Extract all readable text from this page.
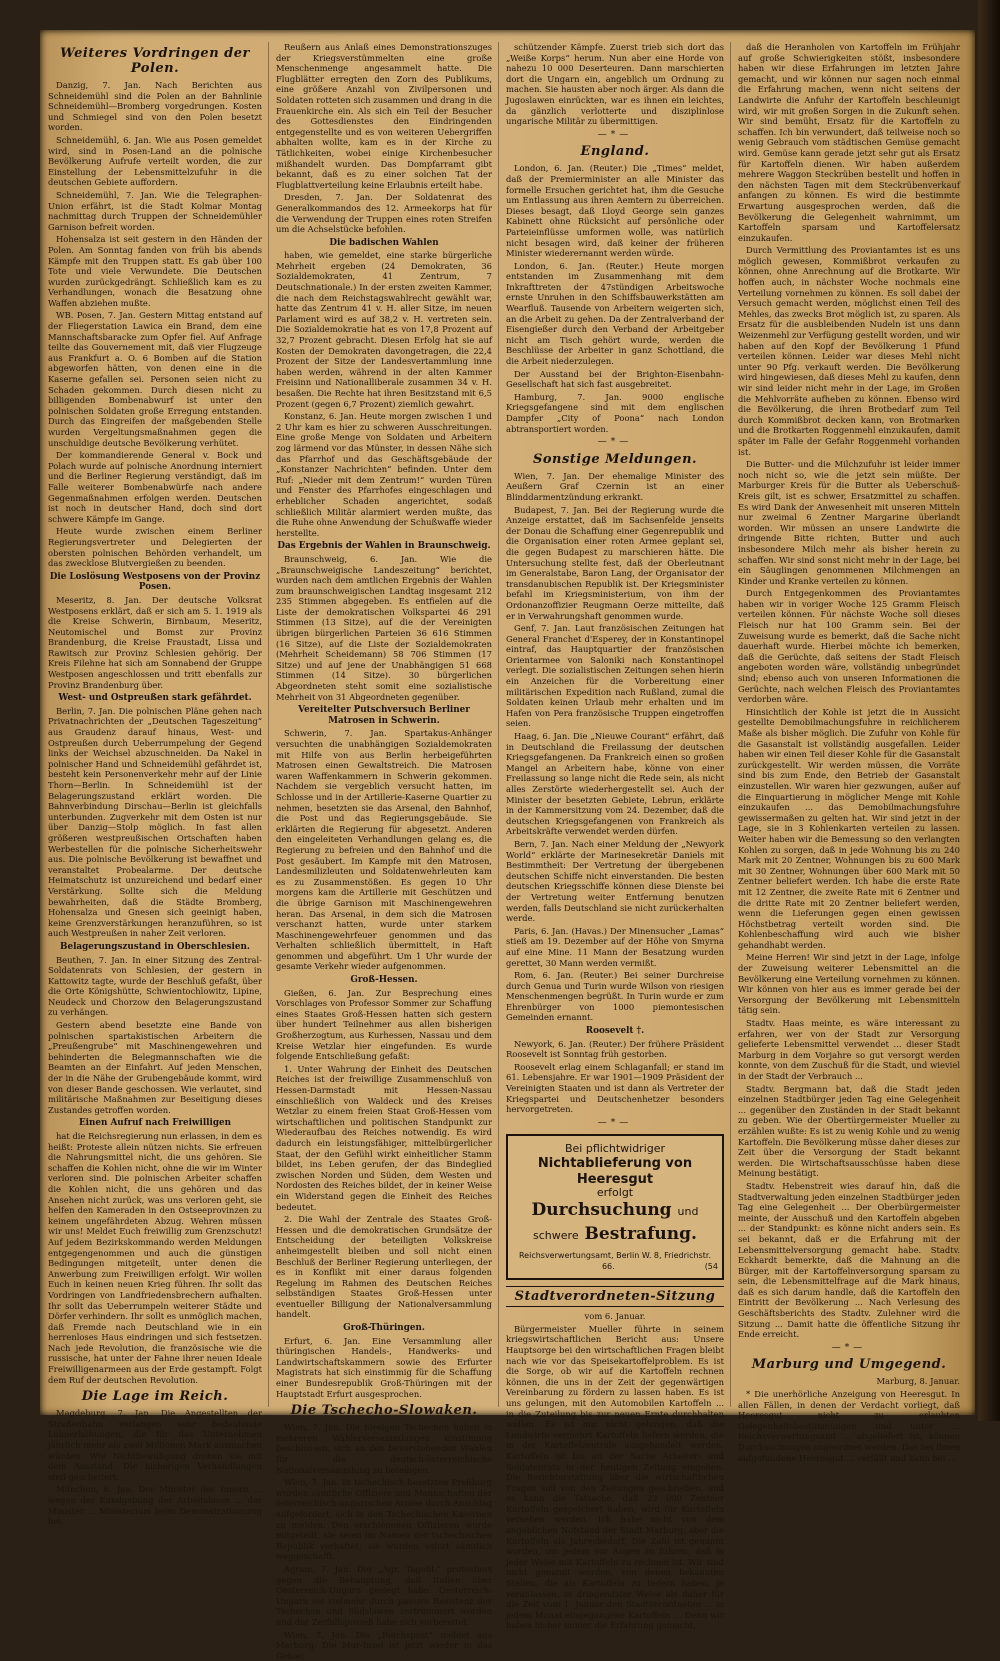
Weiteres Vordringen der Polen.

Danzig, 7. Jan. Nach Berichten aus Schneidemühl sind die Polen an der Bahnlinie Schneidemühl—Bromberg vorgedrungen. Kosten und Schmiegel sind von den Polen besetzt worden.

Schneidemühl, 6. Jan. Wie aus Posen gemeldet wird, sind in Posen-Land an die polnische Bevölkerung Aufrufe verteilt worden, die zur Einstellung der Lebensmittelzufuhr in die deutschen Gebiete auffordern.

Schneidemühl, 7. Jan. Wie die Telegraphen-Union erfährt, ist die Stadt Kolmar Montag nachmittag durch Truppen der Schneidemühler Garnison befreit worden.

Hohensalza ist seit gestern in den Händen der Polen. Am Sonntag fanden von früh bis abends Kämpfe mit den Truppen statt. Es gab über 100 Tote und viele Verwundete. Die Deutschen wurden zurückgedrängt. Schließlich kam es zu Verhandlungen, wonach die Besatzung ohne Waffen abziehen mußte.

WB. Posen, 7. Jan. Gestern Mittag entstand auf der Fliegerstation Lawica ein Brand, dem eine Mannschaftsbaracke zum Opfer fiel. Auf Anfrage teilte das Gouvernement mit, daß vier Flugzeuge aus Frankfurt a. O. 6 Bomben auf die Station abgeworfen hätten, von denen eine in die Kaserne gefallen sei. Personen seien nicht zu Schaden gekommen. Durch diesen nicht zu billigenden Bombenabwurf ist unter den polnischen Soldaten große Erregung entstanden. Durch das Eingreifen der maßgebenden Stelle wurden Vergeltungsmaßnahmen gegen die unschuldige deutsche Bevölkerung verhütet.

Der kommandierende General v. Bock und Polach wurde auf polnische Anordnung interniert und die Berliner Regierung verständigt, daß im Falle weiterer Bombenabwürfe nach andere Gegenmaßnahmen erfolgen werden. Deutschen ist noch in deutscher Hand, doch sind dort schwere Kämpfe im Gange.

Heute wurde zwischen einem Berliner Regierungsvertreter und Delegierten der obersten polnischen Behörden verhandelt, um das zwecklose Blutvergießen zu beenden.

Die Loslösung Westposens von der Provinz Posen.

Meseritz, 8. Jan. Der deutsche Volksrat Westposens erklärt, daß er sich am 5. 1. 1919 als die Kreise Schwerin, Birnbaum, Meseritz, Neutomischel und Bomst zur Provinz Brandenburg, die Kreise Fraustadt, Lissa und Rawitsch zur Provinz Schlesien gehörig. Der Kreis Filehne hat sich am Sonnabend der Gruppe Westposen angeschlossen und tritt ebenfalls zur Provinz Brandenburg über.

West- und Ostpreußen stark gefährdet.

Berlin, 7. Jan. Die polnischen Pläne gehen nach Privatnachrichten der „Deutschen Tageszeitung“ aus Graudenz darauf hinaus, West- und Ostpreußen durch Ueberrumpelung der Gegend links der Weichsel abzuschneiden. Da Nakel in polnischer Hand und Schneidemühl gefährdet ist, besteht kein Personenverkehr mehr auf der Linie Thorn—Berlin. In Schneidemühl ist der Belagerungszustand erklärt worden. Die Bahnverbindung Dirschau—Berlin ist gleichfalls unterbunden. Zugverkehr mit dem Osten ist nur über Danzig—Stolp möglich. In fast allen größeren westpreußischen Ortschaften haben Werbestellen für die polnische Sicherheitswehr aus. Die polnische Bevölkerung ist bewaffnet und veranstaltet Probealarme. Der deutsche Heimatschutz ist unzureichend und bedarf einer Verstärkung. Sollte sich die Meldung bewahrheiten, daß die Städte Bromberg, Hohensalza und Gnesen sich geeinigt haben, keine Grenzverstärkungen heranzuführen, so ist auch Westpreußen in naher Zeit verloren.

Belagerungszustand in Oberschlesien.

Beuthen, 7. Jan. In einer Sitzung des Zentral-Soldatenrats von Schlesien, der gestern in Kattowitz tagte, wurde der Beschluß gefaßt, über die Orte Königshütte, Schwientochlowitz, Lipine, Neudeck und Chorzow den Belagerungszustand zu verhängen.

Gestern abend besetzte eine Bande von polnischen spartakistischen Arbeitern die „Preußengrube“ mit Maschinengewehren und behinderten die Belegmannschaften wie die Beamten an der Einfahrt. Auf jeden Menschen, der in die Nähe der Grubengebäude kommt, wird von dieser Bande geschossen. Wie verlautet, sind militärische Maßnahmen zur Beseitigung dieses Zustandes getroffen worden.

Einen Aufruf nach Freiwilligen

hat die Reichsregierung nun erlassen, in dem es heißt: Proteste allein nützen nichts. Sie erfreuen die Nahrungsmittel nicht, die uns gehören. Sie schaffen die Kohlen nicht, ohne die wir im Winter verloren sind. Die polnischen Arbeiter schaffen die Kohlen nicht, die uns gehören und das Ansehen nicht zurück, was uns verloren geht, sie helfen den Kameraden in den Ostseeprovinzen zu keinem ungefährdeten Abzug. Wehren müssen wir uns! Meldet Euch freiwillig zum Grenzschutz! Auf jedem Bezirkskommando werden Meldungen entgegengenommen und auch die günstigen Bedingungen mitgeteilt, unter denen die Anwerbung zum Freiwilligen erfolgt. Wir wollen Euch in keinen neuen Krieg führen. Ihr sollt das Vordringen von Landfriedensbrechern aufhalten. Ihr sollt das Ueberrumpeln weiterer Städte und Dörfer verhindern. Ihr sollt es unmöglich machen, daß Fremde nach Deutschland wie in ein herrenloses Haus eindringen und sich festsetzen. Nach jede Revolution, die französische wie die russische, hat unter der Fahne ihrer neuen Ideale Freiwilligenarmeen aus der Erde gestampft. Folgt dem Ruf der deutschen Revolution.

Die Lage im Reich.

Magdeburg, 7. Jan. Die Angestellten der Straßenbahn verlangen sehr bedeutende Lohnerhöhungen, die für das Unternehmen jährlich mehr als zwei Millionen Mark ausmachen würden. Wie Nichtbewilligung drohen sie mit dem Ausstand. Die bisherigen Verhandlungen sind gescheitert.

München, 6. Jan. Der Minister des Innern ... wegen der Kundgebung der Arbeitslosen ... der Minister ... Ministerium beim Demonstrationszug bei.

Reußern aus Anlaß eines Demonstrationszuges der Kriegsverstümmelten eine große Menschenmenge angesammelt hatte. Die Flugblätter erregten den Zorn des Publikums, eine größere Anzahl von Zivilpersonen und Soldaten rotteten sich zusammen und drang in die Frauenkirche ein. Als sich ein Teil der Besucher des Gottesdienstes den Eindringenden entgegenstellte und es von weiteren Uebergriffen abhalten wollte, kam es in der Kirche zu Tätlichkeiten, wobei einige Kirchenbesucher mißhandelt wurden. Das Dompfarramt gibt bekannt, daß es zu einer solchen Tat der Flugblattverteilung keine Erlaubnis erteilt habe.

Dresden, 7. Jan. Der Soldatenrat des Generalkommandos des 12. Armeekorps hat für die Verwendung der Truppen eines roten Streifen um die Achselstücke befohlen.

Die badischen Wahlen

haben, wie gemeldet, eine starke bürgerliche Mehrheit ergeben (24 Demokraten, 36 Sozialdemokraten, 41 Zentrum, 7 Deutschnationale.) In der ersten zweiten Kammer, die nach dem Reichstagswahlrecht gewählt war, hatte das Zentrum 41 v. H. aller Sitze, im neuen Parlament wird es auf 38,2 v. H. vertreten sein. Die Sozialdemokratie hat es von 17,8 Prozent auf 32,7 Prozent gebracht. Diesen Erfolg hat sie auf Kosten der Demokraten davongetragen, die 22,4 Prozent der Sitze der Landesvertammlung inne haben werden, während in der alten Kammer Freisinn und Nationalliberale zusammen 34 v. H. besaßen. Die Rechte hat ihren Besitzstand mit 6,5 Prozent (gegen 6,7 Prozent) ziemlich gewahrt.

Konstanz, 6. Jan. Heute morgen zwischen 1 und 2 Uhr kam es hier zu schweren Ausschreitungen. Eine große Menge von Soldaten und Arbeitern zog lärmend vor das Münster, in dessen Nähe sich das Pfarrhof und das Geschäftsgebäude der „Konstanzer Nachrichten“ befinden. Unter dem Ruf: „Nieder mit dem Zentrum!“ wurden Türen und Fenster des Pfarrhofes eingeschlagen und erheblicher Schaden angerichtet, sodaß schließlich Militär alarmiert werden mußte, das die Ruhe ohne Anwendung der Schußwaffe wieder herstellte.

Das Ergebnis der Wahlen in Braunschweig.

Braunschweig, 6. Jan. Wie die „Braunschweigische Landeszeitung“ berichtet, wurden nach dem amtlichen Ergebnis der Wahlen zum braunschweigischen Landtag insgesamt 212 235 Stimmen abgegeben. Es entfielen auf die Liste der demokratischen Volkspartei 46 291 Stimmen (13 Sitze), auf die der Vereinigten übrigen bürgerlichen Parteien 36 616 Stimmen (16 Sitze), auf die Liste der Sozialdemokraten (Mehrheit Scheidemann) 58 706 Stimmen (17 Sitze) und auf jene der Unabhängigen 51 668 Stimmen (14 Sitze). 30 bürgerlichen Abgeordneten steht somit eine sozialistische Mehrheit von 31 Abgeordneten gegenüber.

Vereitelter Putschversuch Berliner Matrosen in Schwerin.

Schwerin, 7. Jan. Spartakus-Anhänger versuchten die unabhängigen Sozialdemokraten mit Hilfe von aus Berlin herbeigeführten Matrosen einen Gewaltstreich. Die Matrosen waren Waffenkammern in Schwerin gekommen. Nachdem sie vergeblich versucht hatten, im Schlosse und in der Artillerie-Kaserne Quartier zu nehmen, besetzten sie das Arsenal, den Bahnhof, die Post und das Regierungsgebäude. Sie erklärten die Regierung für abgesetzt. Anderen den eingeleiteten Verhandlungen gelang es, die Regierung zu befreien und den Bahnhof und die Post gesäubert. Im Kampfe mit den Matrosen, Landesmilizleuten und Soldatenwehrleuten kam es zu Zusammenstößen. Es gegen 10 Uhr morgens kam die Artillerie mit Geschützen und die übrige Garnison mit Maschinengewehren heran. Das Arsenal, in dem sich die Matrosen verschanzt hatten, wurde unter starkem Maschinengewehrfeuer genommen und das Verhalten schließlich übermittelt, in Haft genommen und abgeführt. Um 1 Uhr wurde der gesamte Verkehr wieder aufgenommen.

Groß-Hessen.

Gießen, 6. Jan. Zur Besprechung eines Vorschlages von Professor Sommer zur Schaffung eines Staates Groß-Hessen hatten sich gestern über hundert Teilnehmer aus allen bisherigen Großherzogtum, aus Kurhessen, Nassau und dem Kreise Wetzlar hier eingefunden. Es wurde folgende Entschließung gefaßt:

1. Unter Wahrung der Einheit des Deutschen Reiches ist der freiwillige Zusammenschluß von Hessen-Darmstadt mit Hessen-Nassau einschließlich von Waldeck und des Kreises Wetzlar zu einem freien Staat Groß-Hessen vom wirtschaftlichen und politischen Standpunkt zur Wiederaufbau des Reiches notwendig. Es wird dadurch ein leistungsfähiger, mittelbürgerlicher Staat, der den Gefühl wirkt einheitlicher Stamm bildet, ins Leben gerufen, der das Bindeglied zwischen Norden und Süden, dem Westen und Nordosten des Reiches bildet, der in keiner Weise ein Widerstand gegen die Einheit des Reiches bedeutet.

2. Die Wahl der Zentrale des Staates Groß-Hessen und die demokratischen Grundsätze der Entscheidung der beteiligten Volkskreise anheimgestellt bleiben und soll nicht einen Beschluß der Berliner Regierung unterliegen, der es in Konflikt mit einer daraus folgenden Regelung im Rahmen des Deutschen Reiches selbständigen Staates Groß-Hessen unter eventueller Billigung der Nationalversammlung handelt.

Groß-Thüringen.

Erfurt, 6. Jan. Eine Versammlung aller thüringischen Handels-, Handwerks- und Landwirtschaftskammern sowie des Erfurter Magistrats hat sich einstimmig für die Schaffung einer Bundesrepublik Groß-Thüringen mit der Hauptstadt Erfurt ausgesprochen.

Die Tschecho-Slowaken.

Wien, 7. Jan. Die hiesigen Tschechen haben in mehreren Wählerversammlungen einstimmig beschlossen, sich an den bevorstehenden Wahlen für die deutsch-österreichische Nationalversammlung zu beteiligen.

Wien, 7. Jan. In tschechisch besetzten Preßburg wurden sämtliche Offiziere und Mannschaften der österreichisch-ungarischen Armee durch Anschlag aufgefordert, sich in den Tschechischen Kasernen zu melden. Den erschienenen Offizieren wurde mitgeteilt, sie seien im Namen der tschechischen Republik verhaftet; sie wurden sofort sämtlich weggeschafft.

Agram, 7. Jan. Der „Agr. Tagebl.“ protestiert gegen die Behauptung, daß Italien über Oesterreich-Ungarn gesiegt habe. Oesterreich-Ungarn sei vielmehr durch passive Resistenz der Tschechen und Südslawen zertrümmert worden und der Zerfallsprozeß habe sich vorbereitet.

Wien, 7. Jan. Die „Reichspost“ meldet aus Marburg: Die Mur-Insel ist jetzt wieder in das Gebiet

schützender Kämpfe. Zuerst trieb sich dort das „Weiße Korps“ herum. Nun aber eine Horde von nahezu 10 000 Deserteuren. Dann marschierten dort die Ungarn ein, angeblich um Ordnung zu machen. Sie hausten aber noch ärger. Als dann die Jugoslawen einrückten, war es ihnen ein leichtes, da gänzlich verlotterte und disziplinlose ungarische Militär zu übermittigen.

—*—
England.

London, 6. Jan. (Reuter.) Die „Times“ meldet, daß der Premierminister an alle Minister das formelle Ersuchen gerichtet hat, ihm die Gesuche um Entlassung aus ihren Aemtern zu überreichen. Dieses besagt, daß Lloyd George sein ganzes Kabinett ohne Rücksicht auf persönliche oder Parteieinflüsse umformen wolle, was natürlich nicht besagen wird, daß keiner der früheren Minister wiederernannt werden würde.

London, 6. Jan. (Reuter.) Heute morgen entstanden im Zusammenhang mit dem Inkrafttreten der 47stündigen Arbeitswoche ernste Unruhen in den Schiffsbauwerkstätten am Wearfluß. Tausende von Arbeitern weigerten sich, an die Arbeit zu gehen. Da der Zentralverband der Eisengießer durch den Verband der Arbeitgeber nicht am Tisch gehört wurde, werden die Beschlüsse der Arbeiter in ganz Schottland, die die Arbeit niederzulegen.

Der Ausstand bei der Brighton-Eisenbahn-Gesellschaft hat sich fast ausgebreitet.

Hamburg, 7. Jan. 9000 englische Kriegsgefangene sind mit dem englischen Dampfer „City of Poona“ nach London abtransportiert worden.

—*—
Sonstige Meldungen.

Wien, 7. Jan. Der ehemalige Minister des Aeußern Graf Czernin ist an einer Blinddarmentzündung erkrankt.

Budapest, 7. Jan. Bei der Regierung wurde die Anzeige erstattet, daß im Sachsenfelde jenseits der Donau die Schaffung einer Gegenrepublik und die Organisation einer roten Armee geplant sei, die gegen Budapest zu marschieren hätte. Die Untersuchung stellte fest, daß der Oberleutnant im Generalstabe, Baron Lang, der Organisator der transdanubischen Republik ist. Der Kriegsminister befahl im Kriegsministerium, von ihm der Ordonanzoffizier Reugmann Oerze mitteilte, daß er in Verwahrungshaft genommen wurde.

Genf, 7. Jan. Laut französischen Zeitungen hat General Franchet d'Esperey, der in Konstantinopel eintraf, das Hauptquartier der französischen Orientarmee von Saloniki nach Konstantinopel verlegt. Die sozialistischen Zeitungen sehen hierin ein Anzeichen für die Vorbereitung einer militärischen Expedition nach Rußland, zumal die Soldaten keinen Urlaub mehr erhalten und im Hafen von Pera französische Truppen eingetroffen seien.

Haag, 6. Jan. Die „Nieuwe Courant“ erfährt, daß in Deutschland die Freilassung der deutschen Kriegsgefangenen. Da Frankreich einen so großen Mangel an Arbeitern habe, könne von einer Freilassung so lange nicht die Rede sein, als nicht alles Zerstörte wiederhergestellt sei. Auch der Minister der besetzten Gebiete, Lebrun, erklärte in der Kammersitzung vom 24. Dezember, daß die deutschen Kriegsgefangenen von Frankreich als Arbeitskräfte verwendet werden dürfen.

Bern, 7. Jan. Nach einer Meldung der „Newyork World“ erklärte der Marinesekretär Daniels mit Bestimmtheit: Der Vertretung der übergebenen deutschen Schiffe nicht einverstanden. Die besten deutschen Kriegsschiffe können diese Dienste bei der Vertretung weiter Entfernung benutzen werden, falls Deutschland sie nicht zurückerhalten werde.

Paris, 6. Jan. (Havas.) Der Minensucher „Lamas“ stieß am 19. Dezember auf der Höhe von Smyrna auf eine Mine. 11 Mann der Besatzung wurden gerettet, 30 Mann werden vermißt.

Rom, 6. Jan. (Reuter.) Bei seiner Durchreise durch Genua und Turin wurde Wilson von riesigen Menschenmengen begrüßt. In Turin wurde er zum Ehrenbürger von 1000 piemontesischen Gemeinden ernannt.

Roosevelt †.

Newyork, 6. Jan. (Reuter.) Der frühere Präsident Roosevelt ist Sonntag früh gestorben.

Roosevelt erlag einem Schlaganfall; er stand im 61. Lebensjahre. Er war 1901—1909 Präsident der Vereinigten Staaten und ist dann als Vertreter der Kriegspartei und Deutschenhetzer besonders hervorgetreten.

—*—
Bei pflichtwidriger
Nichtablieferung von Heeresgut
erfolgt
Durchsuchung und
schwere Bestrafung.
Reichsverwertungsamt, Berlin W. 8, Friedrichstr. 66.	(54
Stadtverordneten-Sitzung
vom 6. Januar.

Bürgermeister Mueller führte in seinem kriegswirtschaftlichen Bericht aus: Unsere Hauptsorge bei den wirtschaftlichen Fragen bleibt nach wie vor das Speisekartoffelproblem. Es ist die Sorge, ob wir auf die Kartoffeln rechnen können, die uns in der Zeit der gegenwärtigen Vereinbarung zu fördern zu lassen haben. Es ist uns gelungen, mit den Automobilen Kartoffeln ... in die Zuteilung bis zur neuen Ernte durchhalten wollen. Es ist mir nicht gelungen, daß die Landwirte vermehrt Kartoffeln liefern werden, die in der Kartoffelzentrale ausgehandelt werden. Kartoffeln ist bis an der Sache Arbeiter- und Soldatenrats in der heutigen Zeitung eingehen. Die Berichterstattung über die wirtschaftlichen Fragen soll von den Zeitungen geschrieben, und es kann die Tatsache, daß 23 000 Zentner Kartoffeln gespeichert haben, wird für Kartoffeln versehen werden. Ich habe nicht von dem angeblichen Notstand der Stadt Marburg, aber die Kartoffeln als Jahresbedarf. Die Zahl ist genannt worden, um jedem vor Augen zu führen, daß in jeder Weise mit Kartoffeln zu rechnen ist. Wir sind nicht genannt worden, von denen bekannten Stellen, die als Kartoffeln zu liefern haben, je veranlassen, in dringendster Weise als daher für die Zeit vom 1. Januar den Stadtverordneten ... in jedem Monat eingegangene Kartoffeln ... Denn wir haben bisher immer die Erfahrung gemacht,

daß die Heranholen von Kartoffeln im Frühjahr auf große Schwierigkeiten stößt, insbesondere haben wir diese Erfahrungen im letzten Jahre gemacht, und wir können nur sagen noch einmal die Erfahrung machen, wenn nicht seitens der Landwirte die Anfuhr der Kartoffeln beschleunigt wird, wir mit großen Sorgen in die Zukunft sehen. Wir sind bemüht, Ersatz für die Kartoffeln zu schaffen. Ich bin verwundert, daß teilweise noch so wenig Gebrauch vom städtischen Gemüse gemacht wird. Gemüse kann gerade jetzt sehr gut als Ersatz für Kartoffeln dienen. Wir haben außerdem mehrere Waggon Steckrüben bestellt und hoffen in den nächsten Tagen mit dem Steckrübenverkauf anfangen zu können. Es wird die bestimmte Erwartung ausgesprochen werden, daß die Bevölkerung die Gelegenheit wahrnimmt, um Kartoffeln sparsam und Kartoffelersatz einzukaufen.

Durch Vermittlung des Proviantamtes ist es uns möglich gewesen, Kommißbrot verkaufen zu können, ohne Anrechnung auf die Brotkarte. Wir hoffen auch, in nächster Woche nochmals eine Verteilung vornehmen zu können. Es soll dabei der Versuch gemacht werden, möglichst einen Teil des Mehles, das zwecks Brot möglich ist, zu sparen. Als Ersatz für die ausbleibenden Nudeln ist uns dann Weizenmehl zur Verfügung gestellt worden, und wir haben auf den Kopf der Bevölkerung 1 Pfund verteilen können. Leider war dieses Mehl nicht unter 90 Pfg. verkauft werden. Die Bevölkerung wird hingewiesen, daß dieses Mehl zu kaufen, denn wir sind leider nicht mehr in der Lage, im Großen die Mehlvorräte aufheben zu können. Ebenso wird die Bevölkerung, die ihren Brotbedarf zum Teil durch Kommißbrot decken kann, von Brotmarken und die Brotkarten Roggenmehl einzukaufen, damit später im Falle der Gefahr Roggenmehl vorhanden ist.

Die Butter- und die Milchzufuhr ist leider immer noch nicht so, wie die jetzt sein müßte. Der Marburger Kreis für die Butter als Ueberschuß-Kreis gilt, ist es schwer, Ersatzmittel zu schaffen. Es wird Dank der Anwesenheit mit unseren Mitteln nur zweimal 6 Zentner Margarine überlandt worden. Wir müssen an unsere Landwirte die dringende Bitte richten, Butter und auch insbesondere Milch mehr als bisher herein zu schaffen. Wir sind sonst nicht mehr in der Lage, bei ein Säuglingen genommenen Milchmengen an Kinder und Kranke verteilen zu können.

Durch Entgegenkommen des Proviantamtes haben wir in voriger Woche 125 Gramm Fleisch verteilen können. Für nächste Woche soll dieses Fleisch nur hat 100 Gramm sein. Bei der Zuweisung wurde es bemerkt, daß die Sache nicht dauerhaft wurde. Hierbei möchte ich bemerken, daß die Gerüchte, daß seitens der Stadt Fleisch angeboten worden wäre, vollständig unbegründet sind; ebenso auch von unseren Informationen die Gerüchte, nach welchen Fleisch des Proviantamtes verdorben wäre.

Hinsichtlich der Kohle ist jetzt die in Aussicht gestellte Demobilmachungsfuhre in reichlicherem Maße als bisher möglich. Die Zufuhr von Kohle für die Gasanstalt ist vollständig ausgefallen. Leider haben wir einen Teil dieser Kohle für die Gasanstalt zurückgestellt. Wir werden müssen, die Vorräte sind bis zum Ende, den Betrieb der Gasanstalt einzustellen. Wir waren hier gezwungen, außer auf die Einquartierung in möglicher Menge mit Kohle einzukaufen ... das Demobilmachungsfuhre gewissermaßen zu gelten hat. Wir sind jetzt in der Lage, sie in 3 Kohlenkarten verteilen zu lassen. Weiter haben wir die Bemessung so den verlangten Kohlen zu sorgen, daß in jede Wohnung bis zu 240 Mark mit 20 Zentner, Wohnungen bis zu 600 Mark mit 30 Zentner, Wohnungen über 600 Mark mit 50 Zentner beliefert werden. Ich habe die erste Rate mit 12 Zentner, die zweite Rate mit 6 Zentner und die dritte Rate mit 20 Zentner beliefert werden, wenn die Lieferungen gegen einen gewissen Höchstbetrag verteilt worden sind. Die Kohlenbeschaffung wird auch wie bisher gehandhabt werden.

Meine Herren! Wir sind jetzt in der Lage, infolge der Zuweisung weiterer Lebensmittel an die Bevölkerung eine Verteilung vornehmen zu können. Wir können von hier aus es immer gerade bei der Versorgung der Bevölkerung mit Lebensmitteln tätig sein.

Stadtv. Haas meinte, es wäre interessant zu erfahren, wer von der Stadt zur Versorgung gelieferte Lebensmittel verwendet ... dieser Stadt Marburg in dem Vorjahre so gut versorgt werden konnte, von dem Zuschuß für die Stadt, und wieviel in der Stadt der Verbrauch ...

Stadtv. Bergmann bat, daß die Stadt jeden einzelnen Stadtbürger jeden Tag eine Gelegenheit ... gegenüber den Zuständen in der Stadt bekannt zu geben. Wie der Obertürgermeister Mueller zu erzählen wußte: Es ist zu wenig Kohle und zu wenig Kartoffeln. Die Bevölkerung müsse daher dieses zur Zeit über die Versorgung der Stadt bekannt werden. Die Wirtschaftsausschüsse haben diese Meinung bestätigt.

Stadtv. Hebenstreit wies darauf hin, daß die Stadtverwaltung jeden einzelnen Stadtbürger jeden Tag eine Gelegenheit ... Der Oberbürgermeister meinte, der Ausschuß und den Kartoffeln abgeben ... der Standpunkt: es könne nicht anders sein. Es sei bekannt, daß er die Erfahrung mit der Lebensmittelversorgung gemacht habe. Stadtv. Eckhardt bemerkte, daß die Mahnung an die Bürger, mit der Kartoffelnversorgung sparsam zu sein, die Lebensmittelfrage auf die Mark hinaus, daß es sich darum handle, daß die Kartoffeln den Eintritt der Bevölkerung ... Nach Verlesung des Geschäftsberichts des Stadtv. Zulehner wird die Sitzung ... Damit hatte die öffentliche Sitzung ihr Ende erreicht.

—*—
Marburg und Umgegend.

Marburg, 8. Januar.

* Die unerhörliche Anzeigung von Heeresgut. In allen Fällen, in denen der Verdacht vorliegt, daß Heeresgut nicht zu erlaubten Gelegenheitsbestimmungen und unter ... Reichsverwertungsamt ... abgeliefert ist, können Durchsuchungen angeordnet werden. Das bei ihnen aufgefundene Heeresgut ... verfällt und kann bei ...
